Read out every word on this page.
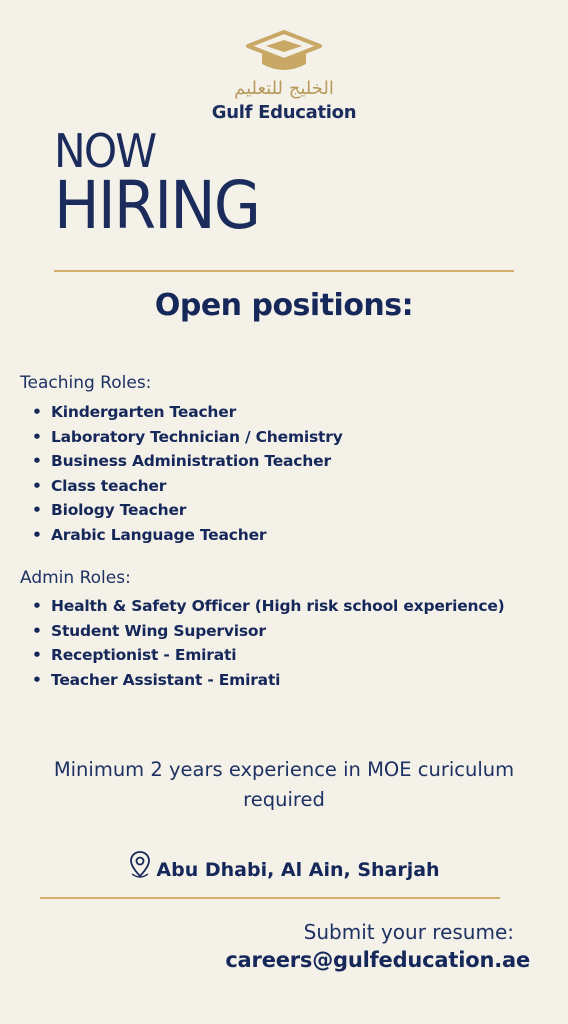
الخليج للتعليم
Gulf Education
NOW
HIRING
Open positions:
Teaching Roles:
• Kindergarten Teacher
• Laboratory Technician / Chemistry
• Business Administration Teacher
• Class teacher
• Biology Teacher
• Arabic Language Teacher
Admin Roles:
• Health & Safety Officer (High risk school experience)
• Student Wing Supervisor
• Receptionist - Emirati
• Teacher Assistant - Emirati
Minimum 2 years experience in MOE curiculum required
Abu Dhabi, Al Ain, Sharjah
Submit your resume:
careers@gulfeducation.ae
